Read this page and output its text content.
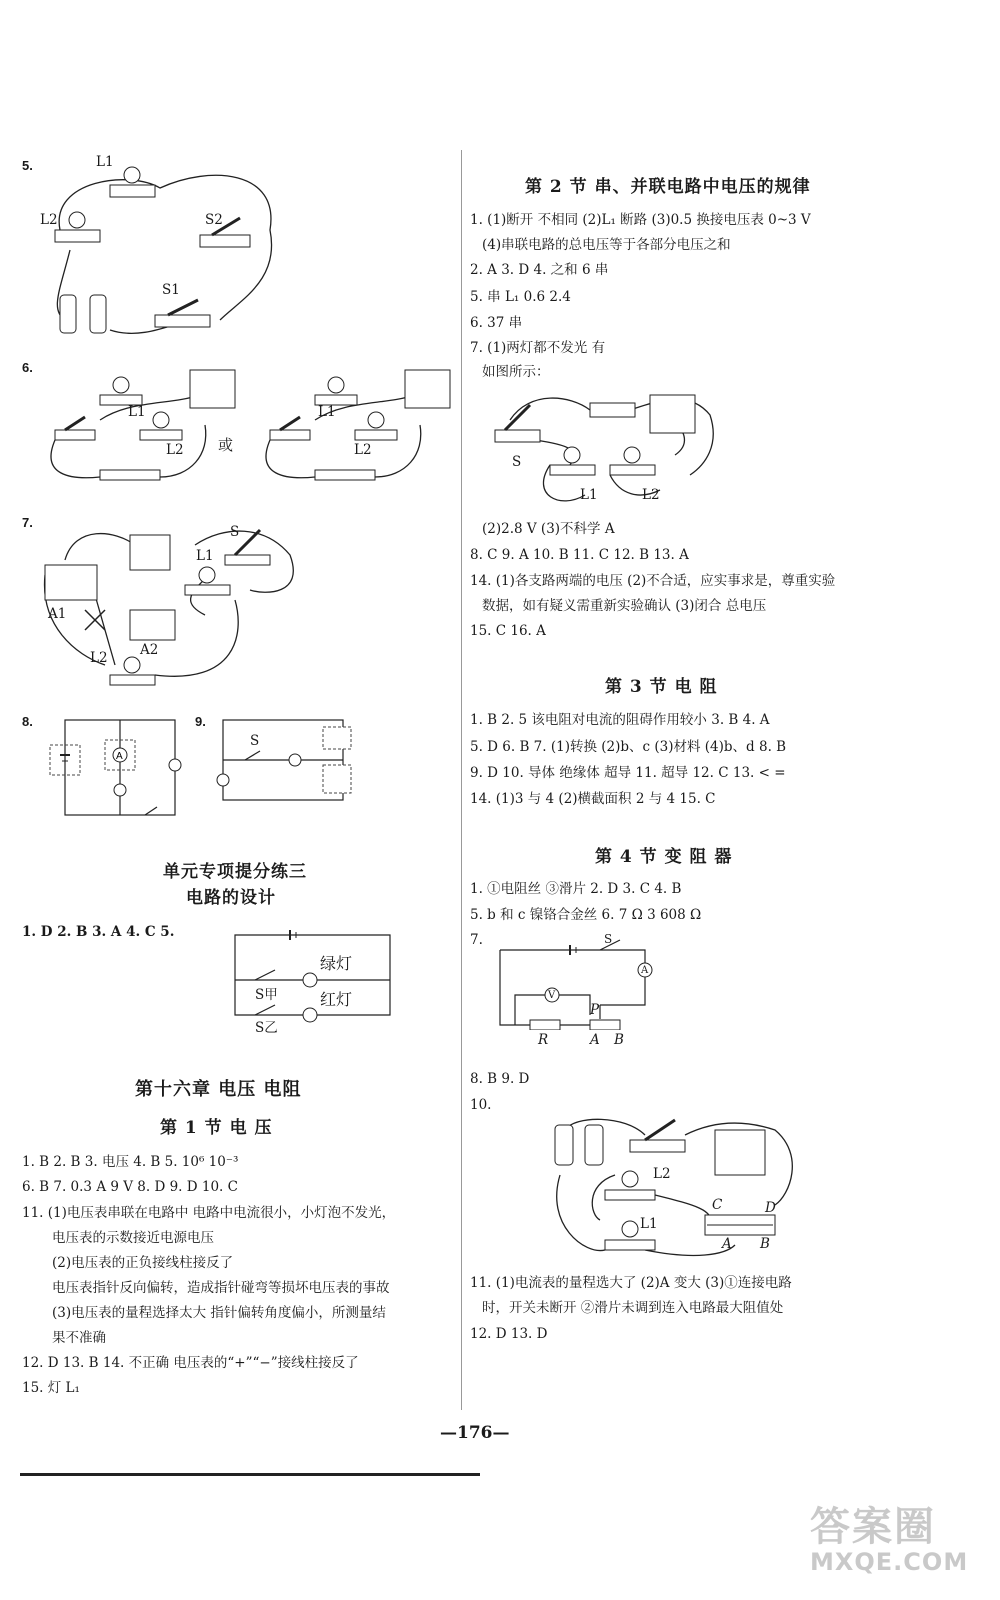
5.	L1
L2	S2
S1
6.
L1
L2 或
L1
L2
7.
S
L1
A1
A2
L2
8.
A
9.
S
单元专项提分练三
电路的设计
1. D 2. B 3. A 4. C 5.
绿灯
红灯
S甲
S乙
第十六章 电压 电阻
第 1 节 电 压
1. B 2. B 3. 电压 4. B 5. 10⁶ 10⁻³
6. B 7. 0.3 A 9 V 8. D 9. D 10. C
11. (1)电压表串联在电路中 电路中电流很小，小灯泡不发光，
电压表的示数接近电源电压
(2)电压表的正负接线柱接反了
电压表指针反向偏转，造成指针碰弯等损坏电压表的事故
(3)电压表的量程选择太大 指针偏转角度偏小，所测量结
果不准确
12. D 13. B 14. 不正确 电压表的“+”“−”接线柱接反了
15. 灯 L₁
第 2 节 串、并联电路中电压的规律
1. (1)断开 不相同 (2)L₁ 断路 (3)0.5 换接电压表 0~3 V
(4)串联电路的总电压等于各部分电压之和
2. A 3. D 4. 之和 6 串
5. 串 L₁ 0.6 2.4
6. 37 串
7. (1)两灯都不发光 有
如图所示：
S
L1	L2
(2)2.8 V (3)不科学 A
8. C 9. A 10. B 11. C 12. B 13. A
14. (1)各支路两端的电压 (2)不合适，应实事求是，尊重实验
数据，如有疑义需重新实验确认 (3)闭合 总电压
15. C 16. A
第 3 节 电 阻
1. B 2. 5 该电阻对电流的阻碍作用较小 3. B 4. A
5. D 6. B 7. (1)转换 (2)b、c (3)材料 (4)b、d 8. B
9. D 10. 导体 绝缘体 超导 11. 超导 12. C 13. < =
14. (1)3 与 4 (2)横截面积 2 与 4 15. C
第 4 节 变 阻 器
1. ①电阻丝 ③滑片 2. D 3. C 4. B
5. b 和 c 镍铬合金丝 6. 7 Ω 3 608 Ω
7.	S
A
V
P
R	A B
8. B 9. D
10.
L2
L1
C	D
A B
11. (1)电流表的量程选大了 (2)A 变大 (3)①连接电路
时，开关未断开 ②滑片未调到连入电路最大阻值处
12. D 13. D
—176—
答案圈
MXQE.COM
